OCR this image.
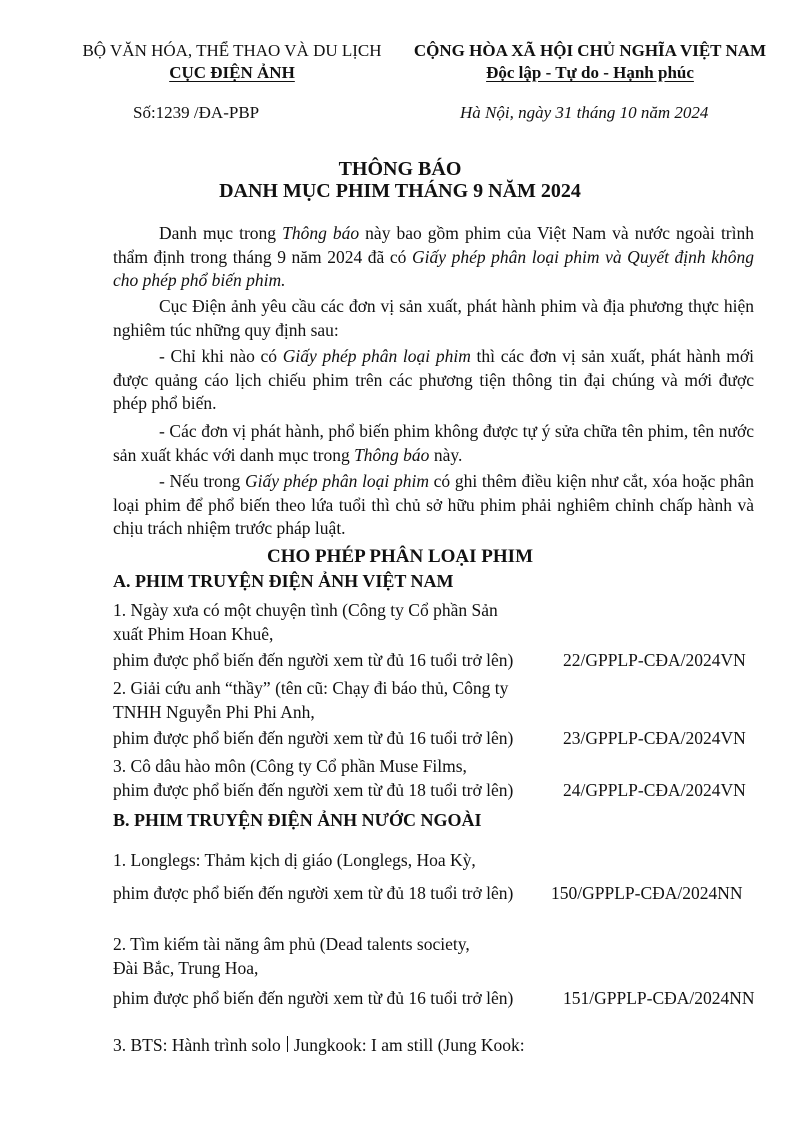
BỘ VĂN HÓA, THỂ THAO VÀ DU LỊCH
CỤC ĐIỆN ẢNH
CỘNG HÒA XÃ HỘI CHỦ NGHĨA VIỆT NAM
Độc lập - Tự do - Hạnh phúc
Số:1239 /ĐA-PBP	Hà Nội, ngày 31 tháng 10 năm 2024
THÔNG BÁO
DANH MỤC PHIM THÁNG 9 NĂM 2024

Danh mục trong Thông báo này bao gồm phim của Việt Nam và nước ngoài trình thẩm định trong tháng 9 năm 2024 đã có Giấy phép phân loại phim và Quyết định không cho phép phổ biến phim.

Cục Điện ảnh yêu cầu các đơn vị sản xuất, phát hành phim và địa phương thực hiện nghiêm túc những quy định sau:

- Chỉ khi nào có Giấy phép phân loại phim thì các đơn vị sản xuất, phát hành mới được quảng cáo lịch chiếu phim trên các phương tiện thông tin đại chúng và mới được phép phổ biến.

- Các đơn vị phát hành, phổ biến phim không được tự ý sửa chữa tên phim, tên nước sản xuất khác với danh mục trong Thông báo này.

- Nếu trong Giấy phép phân loại phim có ghi thêm điều kiện như cắt, xóa hoặc phân loại phim để phổ biến theo lứa tuổi thì chủ sở hữu phim phải nghiêm chỉnh chấp hành và chịu trách nhiệm trước pháp luật.

CHO PHÉP PHÂN LOẠI PHIM
A. PHIM TRUYỆN ĐIỆN ẢNH VIỆT NAM
1. Ngày xưa có một chuyện tình (Công ty Cổ phần Sản
xuất Phim Hoan Khuê,
phim được phổ biến đến người xem từ đủ 16 tuổi trở lên)	22/GPPLP-CĐA/2024VN
2. Giải cứu anh “thầy” (tên cũ: Chạy đi báo thủ, Công ty
TNHH Nguyễn Phi Phi Anh,
phim được phổ biến đến người xem từ đủ 16 tuổi trở lên)	23/GPPLP-CĐA/2024VN
3. Cô dâu hào môn (Công ty Cổ phần Muse Films,
phim được phổ biến đến người xem từ đủ 18 tuổi trở lên)	24/GPPLP-CĐA/2024VN
B. PHIM TRUYỆN ĐIỆN ẢNH NƯỚC NGOÀI
1. Longlegs: Thảm kịch dị giáo (Longlegs, Hoa Kỳ,
phim được phổ biến đến người xem từ đủ 18 tuổi trở lên) 150/GPPLP-CĐA/2024NN
2. Tìm kiếm tài năng âm phủ (Dead talents society,
Đài Bắc, Trung Hoa,
phim được phổ biến đến người xem từ đủ 16 tuổi trở lên)	151/GPPLP-CĐA/2024NN
3. BTS: Hành trình solo Jungkook: I am still (Jung Kook:
